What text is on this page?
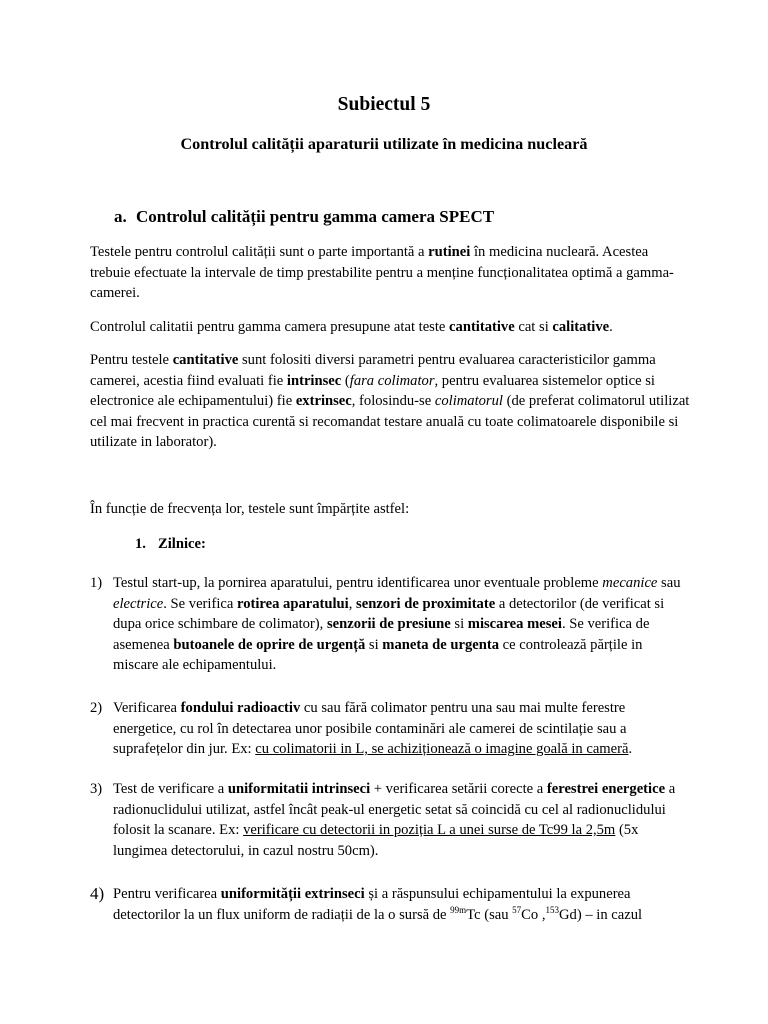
Subiectul 5
Controlul calității aparaturii utilizate în medicina nucleară
a. Controlul calității pentru gamma camera SPECT

Testele pentru controlul calității sunt o parte importantă a rutinei în medicina nucleară. Acestea trebuie efectuate la intervale de timp prestabilite pentru a menține funcționalitatea optimă a gamma-camerei.

Controlul calitatii pentru gamma camera presupune atat teste cantitative cat si calitative.

Pentru testele cantitative sunt folositi diversi parametri pentru evaluarea caracteristicilor gamma camerei, acestia fiind evaluati fie intrinsec (fara colimator, pentru evaluarea sistemelor optice si electronice ale echipamentului) fie extrinsec, folosindu-se colimatorul (de preferat colimatorul utilizat cel mai frecvent in practica curentă si recomandat testare anuală cu toate colimatoarele disponibile si utilizate in laborator).

În funcție de frecvența lor, testele sunt împărțite astfel:

1. Zilnice:

1) Testul start-up, la pornirea aparatului, pentru identificarea unor eventuale probleme mecanice sau electrice. Se verifica rotirea aparatului, senzori de proximitate a detectorilor (de verificat si dupa orice schimbare de colimator), senzorii de presiune si miscarea mesei. Se verifica de asemenea butoanele de oprire de urgență si maneta de urgenta ce controlează părțile in miscare ale echipamentului.
2) Verificarea fondului radioactiv cu sau fără colimator pentru una sau mai multe ferestre energetice, cu rol în detectarea unor posibile contaminări ale camerei de scintilație sau a suprafețelor din jur. Ex: cu colimatorii in L, se achiziționează o imagine goală in cameră.
3) Test de verificare a uniformitatii intrinseci + verificarea setării corecte a ferestrei energetice a radionuclidului utilizat, astfel încât peak-ul energetic setat să coincidă cu cel al radionuclidului folosit la scanare. Ex: verificare cu detectorii in poziția L a unei surse de Tc99 la 2,5m (5x lungimea detectorului, in cazul nostru 50cm).
4) Pentru verificarea uniformității extrinseci și a răspunsului echipamentului la expunerea detectorilor la un flux uniform de radiații de la o sursă de $^{99m}$Tc (sau $^{57}$Co ,$^{153}$Gd) – in cazul
